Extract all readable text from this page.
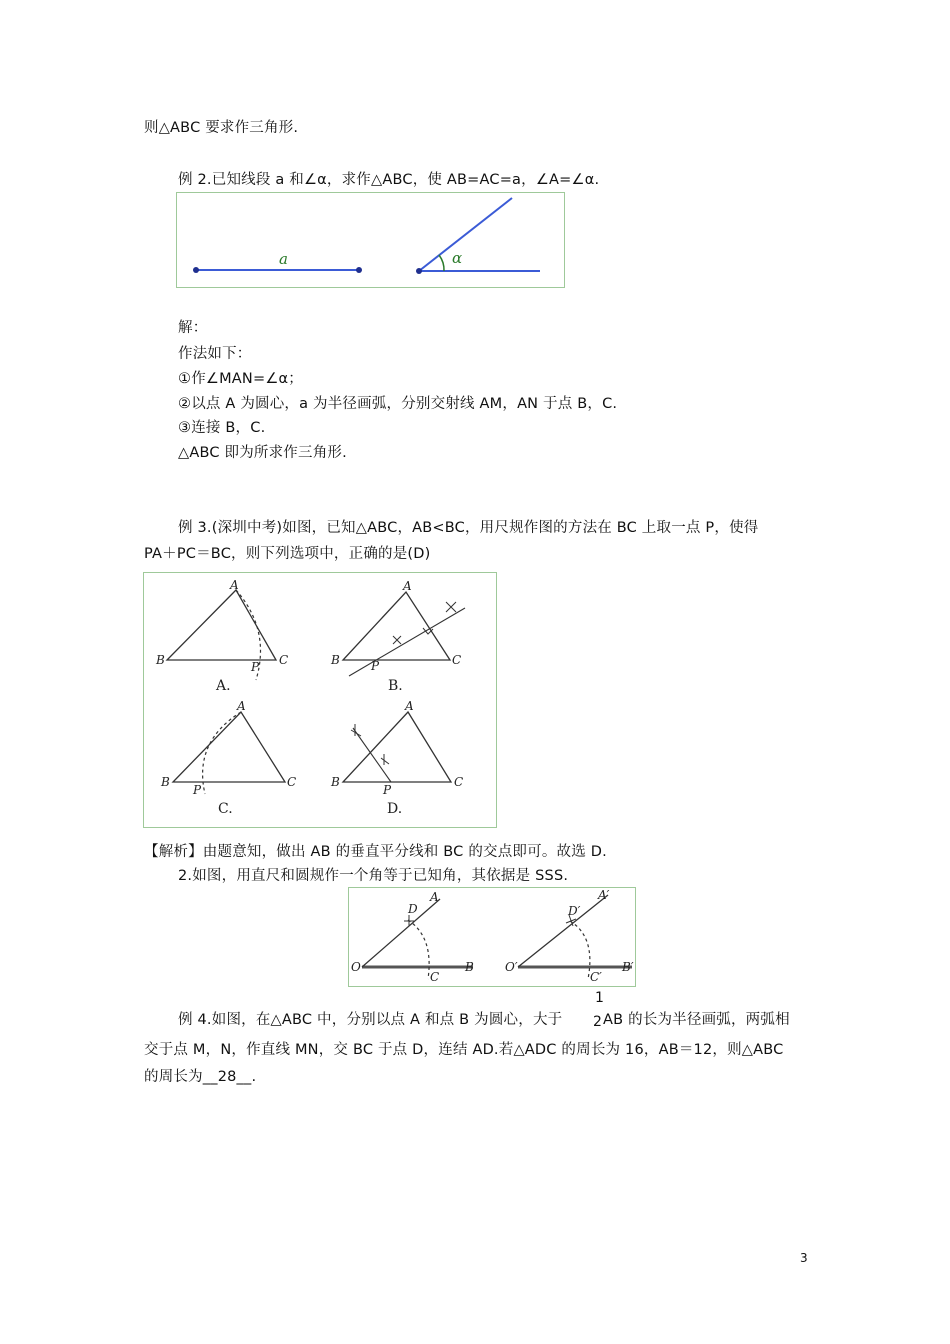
则△ABC 要求作三角形.
例 2.已知线段 a 和∠α，求作△ABC，使 AB=AC=a，∠A=∠α.
a	α
解：
作法如下：
①作∠MAN=∠α；
②以点 A 为圆心，a 为半径画弧，分别交射线 AM，AN 于点 B，C.
③连接 B，C.
△ABC 即为所求作三角形.
例 3.(深圳中考)如图，已知△ABC，AB<BC，用尺规作图的方法在 BC 上取一点 P，使得
PA＋PC＝BC，则下列选项中，正确的是(D)
A
B	C
P
A.
A
B	C
P
B.
A
B	C
P
C.
A
B	C
P
D.
【解析】由题意知，做出 AB 的垂直平分线和 BC 的交点即可。故选 D.
2.如图，用直尺和圆规作一个角等于已知角，其依据是 SSS.
O
A
B
C
D
O′
A′
B′
C′
D′
1
例 4.如图，在△ABC 中，分别以点 A 和点 B 为圆心，大于 2 AB 的长为半径画弧，两弧相
交于点 M，N，作直线 MN，交 BC 于点 D，连结 AD.若△ADC 的周长为 16，AB＝12，则△ABC
的周长为__28__.
3
